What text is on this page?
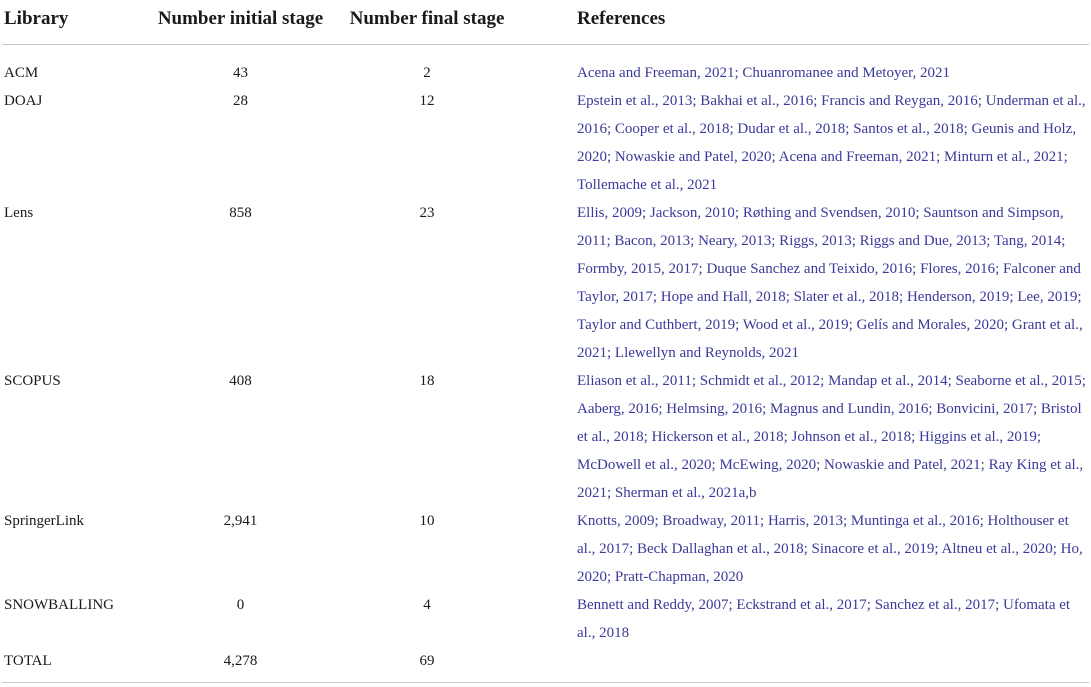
Library	Number initial stage	Number final stage	References

ACM	43	2	Acena and Freeman, 2021; Chuanromanee and Metoyer, 2021
DOAJ	28	12	Epstein et al., 2013; Bakhai et al., 2016; Francis and Reygan, 2016; Underman et al., 2016; Cooper et al., 2018; Dudar et al., 2018; Santos et al., 2018; Geunis and Holz, 2020; Nowaskie and Patel, 2020; Acena and Freeman, 2021; Minturn et al., 2021; Tollemache et al., 2021
Lens	858	23	Ellis, 2009; Jackson, 2010; Røthing and Svendsen, 2010; Sauntson and Simpson, 2011; Bacon, 2013; Neary, 2013; Riggs, 2013; Riggs and Due, 2013; Tang, 2014; Formby, 2015, 2017; Duque Sanchez and Teixido, 2016; Flores, 2016; Falconer and Taylor, 2017; Hope and Hall, 2018; Slater et al., 2018; Henderson, 2019; Lee, 2019; Taylor and Cuthbert, 2019; Wood et al., 2019; Gelís and Morales, 2020; Grant et al., 2021; Llewellyn and Reynolds, 2021
SCOPUS	408	18	Eliason et al., 2011; Schmidt et al., 2012; Mandap et al., 2014; Seaborne et al., 2015; Aaberg, 2016; Helmsing, 2016; Magnus and Lundin, 2016; Bonvicini, 2017; Bristol et al., 2018; Hickerson et al., 2018; Johnson et al., 2018; Higgins et al., 2019; McDowell et al., 2020; McEwing, 2020; Nowaskie and Patel, 2021; Ray King et al., 2021; Sherman et al., 2021a,b
SpringerLink	2,941	10	Knotts, 2009; Broadway, 2011; Harris, 2013; Muntinga et al., 2016; Holthouser et al., 2017; Beck Dallaghan et al., 2018; Sinacore et al., 2019; Altneu et al., 2020; Ho, 2020; Pratt-Chapman, 2020
SNOWBALLING	0	4	Bennett and Reddy, 2007; Eckstrand et al., 2017; Sanchez et al., 2017; Ufomata et al., 2018
TOTAL	4,278	69	
